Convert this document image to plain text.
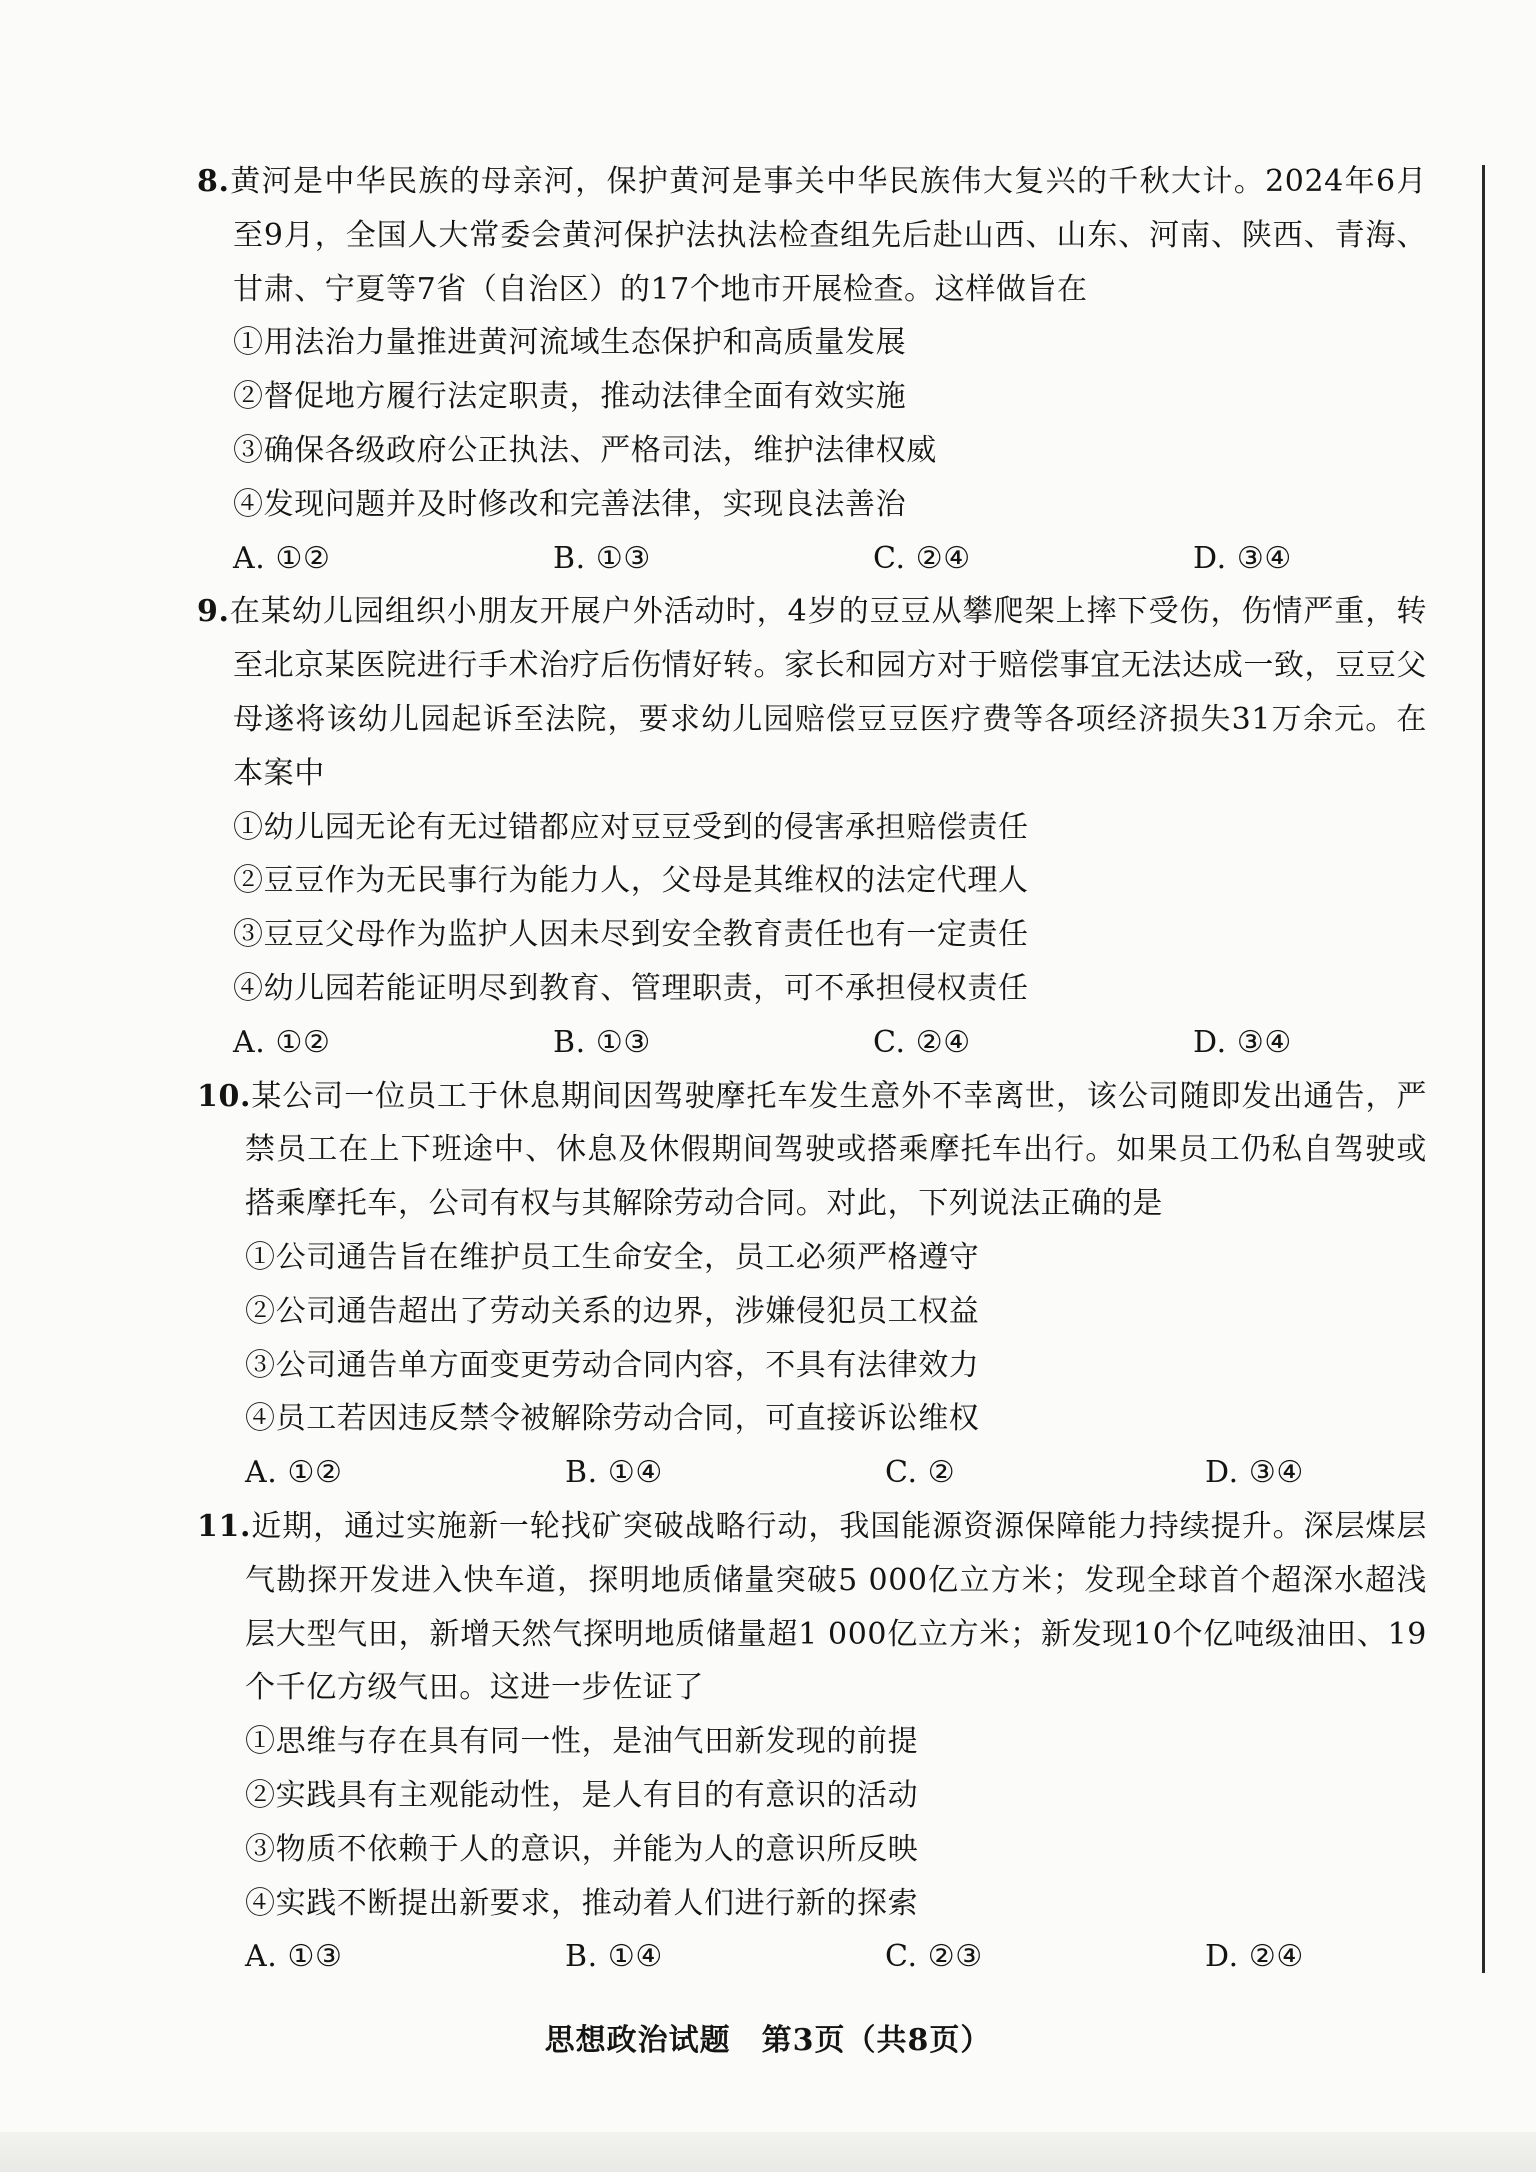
8.黄河是中华民族的母亲河，保护黄河是事关中华民族伟大复兴的千秋大计。2024年6月至9月，全国人大常委会黄河保护法执法检查组先后赴山西、山东、河南、陕西、青海、甘肃、宁夏等7省（自治区）的17个地市开展检查。这样做旨在

①用法治力量推进黄河流域生态保护和高质量发展

②督促地方履行法定职责，推动法律全面有效实施

③确保各级政府公正执法、严格司法，维护法律权威

④发现问题并及时修改和完善法律，实现良法善治

A. ①②	B. ①③	C. ②④	D. ③④

9.在某幼儿园组织小朋友开展户外活动时，4岁的豆豆从攀爬架上摔下受伤，伤情严重，转至北京某医院进行手术治疗后伤情好转。家长和园方对于赔偿事宜无法达成一致，豆豆父母遂将该幼儿园起诉至法院，要求幼儿园赔偿豆豆医疗费等各项经济损失31万余元。在本案中

①幼儿园无论有无过错都应对豆豆受到的侵害承担赔偿责任

②豆豆作为无民事行为能力人，父母是其维权的法定代理人

③豆豆父母作为监护人因未尽到安全教育责任也有一定责任

④幼儿园若能证明尽到教育、管理职责，可不承担侵权责任

A. ①②	B. ①③	C. ②④	D. ③④

10.某公司一位员工于休息期间因驾驶摩托车发生意外不幸离世，该公司随即发出通告，严禁员工在上下班途中、休息及休假期间驾驶或搭乘摩托车出行。如果员工仍私自驾驶或搭乘摩托车，公司有权与其解除劳动合同。对此，下列说法正确的是

①公司通告旨在维护员工生命安全，员工必须严格遵守

②公司通告超出了劳动关系的边界，涉嫌侵犯员工权益

③公司通告单方面变更劳动合同内容，不具有法律效力

④员工若因违反禁令被解除劳动合同，可直接诉讼维权

A. ①②	B. ①④	C. ②	D. ③④

11.近期，通过实施新一轮找矿突破战略行动，我国能源资源保障能力持续提升。深层煤层气勘探开发进入快车道，探明地质储量突破5 000亿立方米；发现全球首个超深水超浅层大型气田，新增天然气探明地质储量超1 000亿立方米；新发现10个亿吨级油田、19个千亿方级气田。这进一步佐证了

①思维与存在具有同一性，是油气田新发现的前提

②实践具有主观能动性，是人有目的有意识的活动

③物质不依赖于人的意识，并能为人的意识所反映

④实践不断提出新要求，推动着人们进行新的探索

A. ①③	B. ①④	C. ②③	D. ②④
思想政治试题　第3页（共8页）
